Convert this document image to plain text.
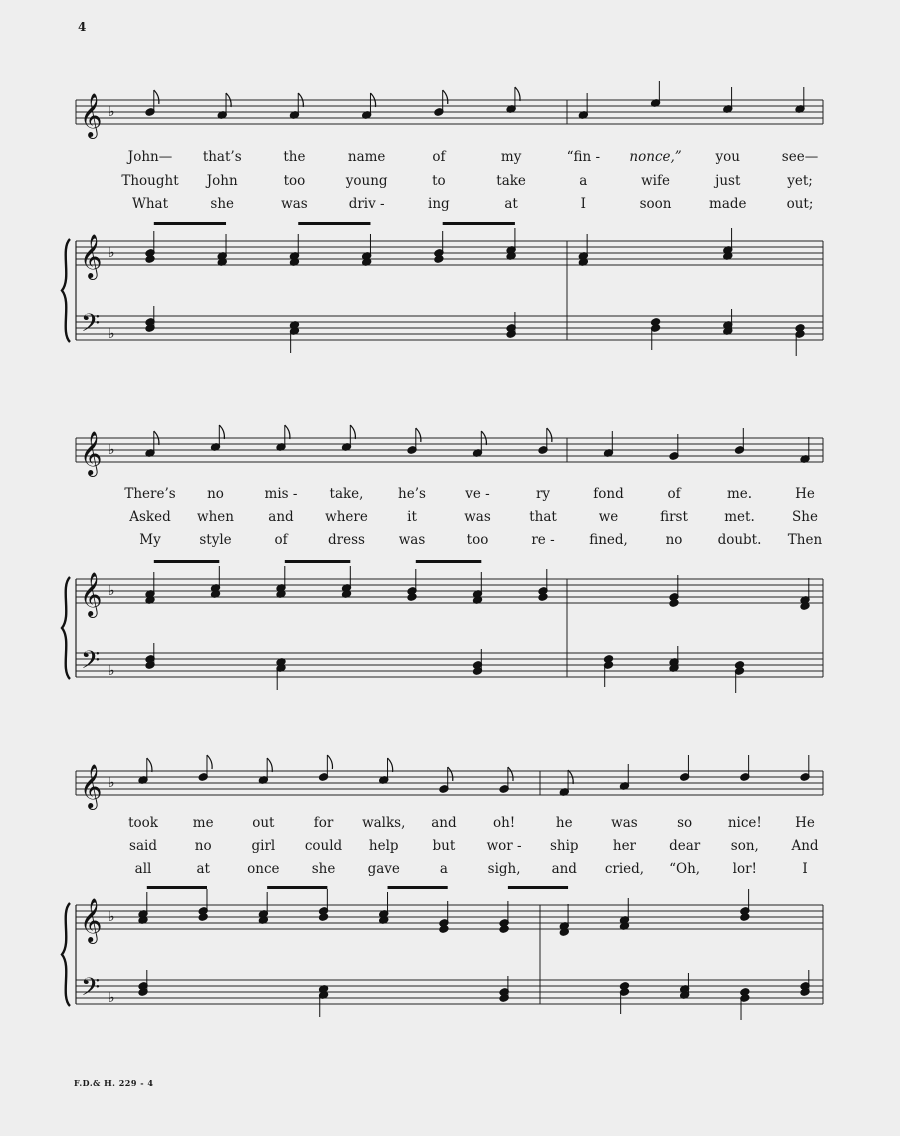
4
𝄞
𝄞
𝄢
♭
♭
♭
𝄞
𝄞
𝄢
♭
♭
♭
𝄞
𝄞
𝄢
♭
♭
♭
John— that’s	the	name	of	my	“fin - nonce,”	you	see—
Thought John	too	young	to	take	a	wife	just	yet;
What	she	was	driv -	ing	at	I	soon	made	out;
There’s no	mis - take,	he’s	ve -	ry	fond	of	me.	He
Asked when	and where	it	was	that	we	first	met.	She
My	style	of	dress	was	too	re -	fined,	no	doubt. Then
took	me	out	for walks, and	oh!	he	was	so	nice! He
said	no	girl could help	but wor - ship	her dear son, And
all	at	once she gave	a	sigh, and cried, “Oh, lor!	I
F.D.& H. 229 - 4
